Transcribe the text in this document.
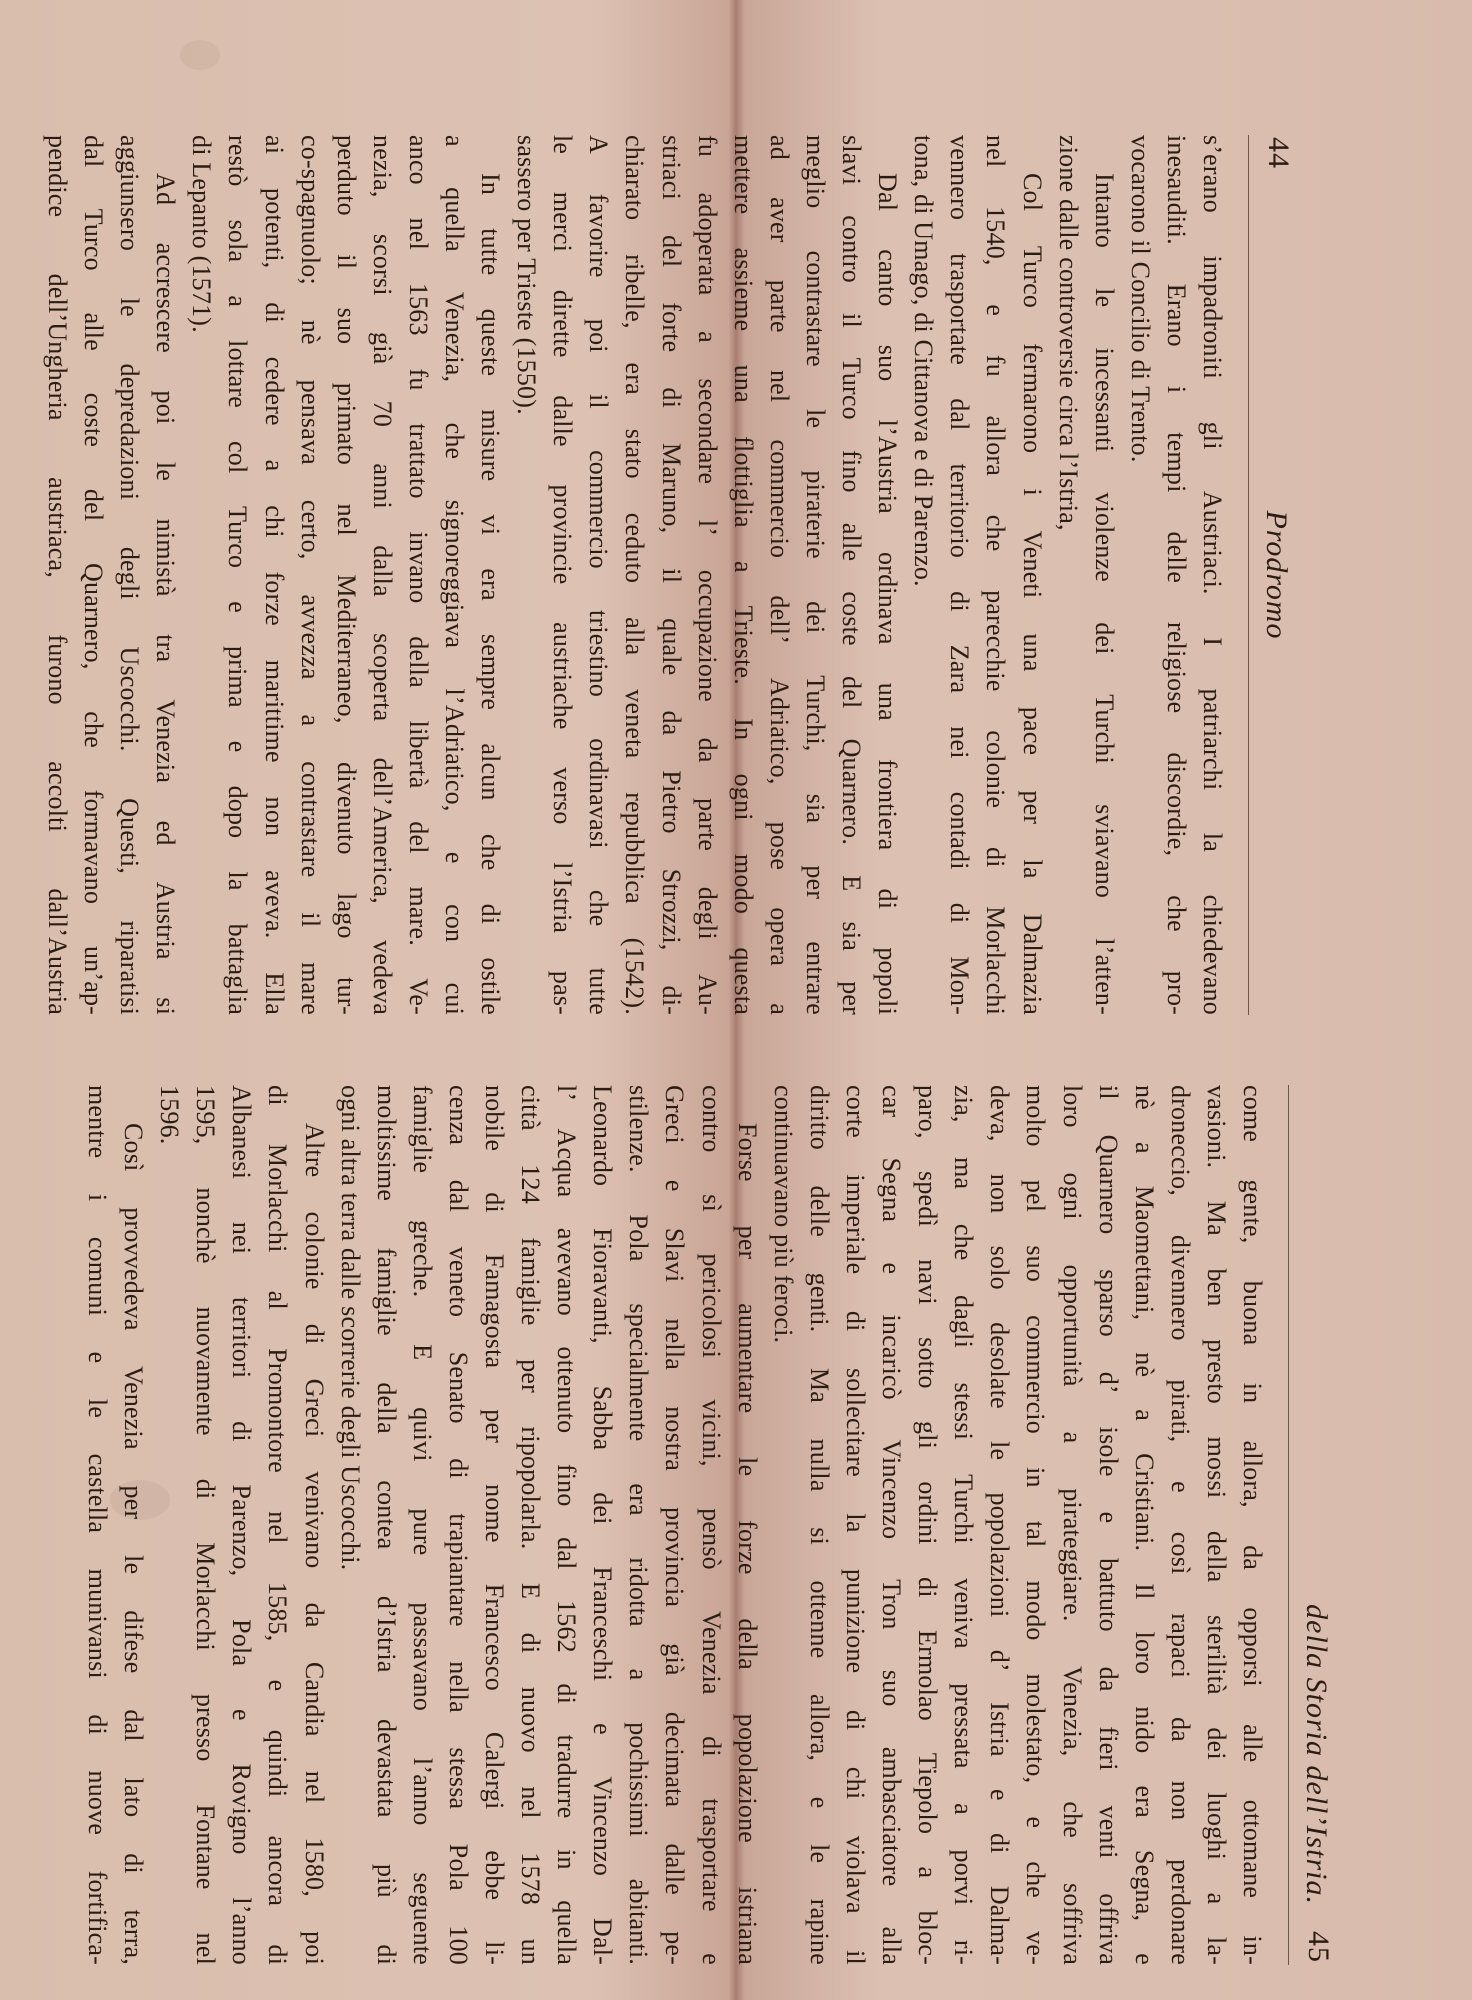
44
Prodromo
s’erano impadroniti gli Austriaci. I patriarchi la chiedevano
inesauditi. Erano i tempi delle religiose discordie, che pro-
vocarono il Concilio di Trento.
Intanto le incessanti violenze dei Turchi sviavano l’atten-
zione dalle controversie circa l’Istria,
Col Turco fermarono i Veneti una pace per la Dalmazia
nel 1540, e fu allora che parecchie colonie di Morlacchi
vennero trasportate dal territorio di Zara nei contadi di Mon-
tona, di Umago, di Cittanova e di Parenzo.
Dal canto suo l’Austria ordinava una frontiera di popoli
slavi contro il Turco fino alle coste del Quarnero. E sia per
meglio contrastare le piraterie dei Turchi, sia per entrare
ad aver parte nel commercio dell’ Adriatico, pose opera a
mettere assieme una flottiglia a Trieste. In ogni modo questa
fu adoperata a secondare l’ occupazione da parte degli Au-
striaci del forte di Maruno, il quale da Pietro Strozzi, di-
chiarato ribelle, era stato ceduto alla veneta repubblica (1542).
A favorire poi il commercio triestino ordinavasi che tutte
le merci dirette dalle provincie austriache verso l’Istria pas-
sassero per Trieste (1550).
In tutte queste misure vi era sempre alcun che di ostile
a quella Venezia, che signoreggiava l’Adriatico, e con cui
anco nel 1563 fu trattato invano della libertà del mare. Ve-
nezia, scorsi già 70 anni dalla scoperta dell’America, vedeva
perduto il suo primato nel Mediterraneo, divenuto lago tur-
co-spagnuolo; nè pensava certo, avvezza a contrastare il mare
ai potenti, di cedere a chi forze marittime non aveva. Ella
restò sola a lottare col Turco e prima e dopo la battaglia
di Lepanto (1571).
Ad accrescere poi le nimistà tra Venezia ed Austria si
aggiunsero le depredazioni degli Uscocchi. Questi, riparatisi
dal Turco alle coste del Quarnero, che formavano un’ap-
pendice dell’Ungheria austriaca, furono accolti dall’Austria
della Storia dell’Istria.
45
come gente, buona in allora, da opporsi alle ottomane in-
vasioni. Ma ben presto mossi della sterilità dei luoghi a la-
droneccio, divennero pirati, e così rapaci da non perdonare
nè a Maomettani, nè a Cristiani. Il loro nido era Segna, e
il Quarnero sparso d’ isole e battuto da fieri venti offriva
loro ogni opportunità a pirateggiare. Venezia, che soffriva
molto pel suo commercio in tal modo molestato, e che ve-
deva, non solo desolate le popolazioni d’ Istria e di Dalma-
zia, ma che dagli stessi Turchi veniva pressata a porvi ri-
paro, spedì navi sotto gli ordini di Ermolao Tiepolo a bloc-
car Segna e incaricò Vincenzo Tron suo ambasciatore alla
corte imperiale di sollecitare la punizione di chi violava il
diritto delle genti. Ma nulla si ottenne allora, e le rapine
continuavano più feroci.
Forse per aumentare le forze della popolazione istriana
contro sì pericolosi vicini, pensò Venezia di trasportare e
Greci e Slavi nella nostra provincia già decimata dalle pe-
stilenze. Pola specialmente era ridotta a pochissimi abitanti.
Leonardo Fioravanti, Sabba dei Franceschi e Vincenzo Dal-
l’ Acqua avevano ottenuto fino dal 1562 di tradurre in quella
città 124 famiglie per ripopolarla. E di nuovo nel 1578 un
nobile di Famagosta per nome Francesco Calergi ebbe li-
cenza dal veneto Senato di trapiantare nella stessa Pola 100
famiglie greche. E quivi pure passavano l’anno seguente
moltissime famiglie della contea d’Istria devastata più di
ogni altra terra dalle scorrerie degli Uscocchi.
Altre colonie di Greci venivano da Candia nel 1580, poi
di Morlacchi al Promontore nel 1585, e quindi ancora di
Albanesi nei territori di Parenzo, Pola e Rovigno l’anno
1595, nonchè nuovamente di Morlacchi presso Fontane nel
1596.
Così provvedeva Venezia per le difese dal lato di terra,
mentre i comuni e le castella munivansi di nuove fortifica-
